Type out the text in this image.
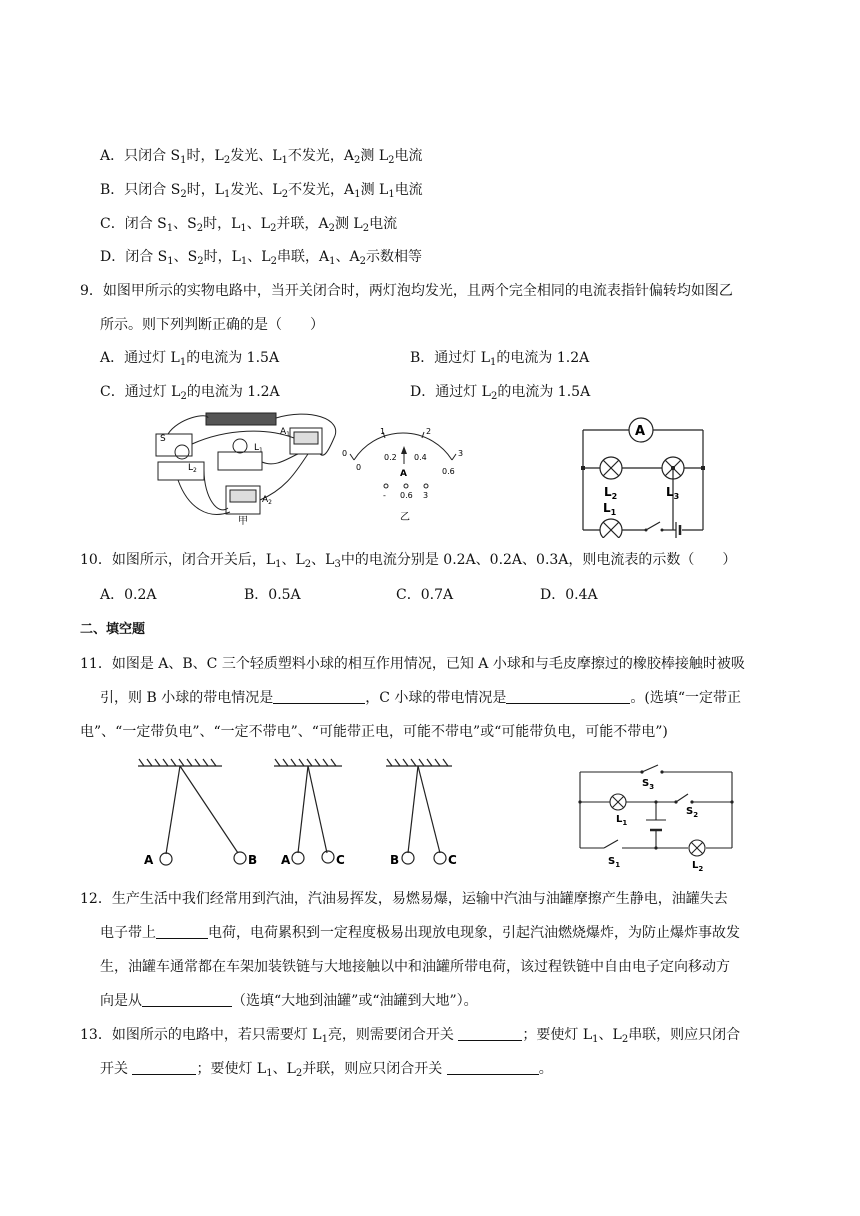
A．只闭合 $S_1$时，$L_2$发光、$L_1$不发光，$A_2$测 $L_2$电流
B．只闭合 $S_2$时，$L_1$发光、$L_2$不发光，$A_1$测 $L_1$电流
C．闭合 $S_1$、$S_2$时，$L_1$、$L_2$并联，$A_2$测 $L_2$电流
D．闭合 $S_1$、$S_2$时，$L_1$、$L_2$串联，$A_1$、$A_2$示数相等
9．如图甲所示的实物电路中，当开关闭合时，两灯泡均发光，且两个完全相同的电流表指针偏转均如图乙
所示。则下列判断正确的是（　　）
A．通过灯 $L_1$的电流为 1.5A	B．通过灯 $L_1$的电流为 1.2A
C．通过灯 $L_2$的电流为 1.2A	D．通过灯 $L_2$的电流为 1.5A
S
$L_2$
$L_1$
$A_1$
$A_2$
甲
0
1	2
3
0
0.2 0.4
0.6
A
- 0.6 3
乙
A
$L_2$	$L_3$
$L_1$
10．如图所示，闭合开关后，$L_1$、$L_2$、$L_3$中的电流分别是 0.2A、0.2A、0.3A，则电流表的示数（　　）
A．0.2A	B．0.5A	C．0.7A	D．0.4A
二、填空题
11．如图是 A、B、C 三个轻质塑料小球的相互作用情况，已知 A 小球和与毛皮摩擦过的橡胶棒接触时被吸
引，则 B 小球的带电情况是	，C 小球的带电情况是	。(选填“一定带正
电”、“一定带负电”、“一定不带电”、“可能带正电，可能不带电”或“可能带负电，可能不带电”)
A	B A	C	B	C
$S_3$
$S_2$
$L_1$
$S_1$	$L_2$
12．生产生活中我们经常用到汽油，汽油易挥发，易燃易爆，运输中汽油与油罐摩擦产生静电，油罐失去
电子带上	电荷，电荷累积到一定程度极易出现放电现象，引起汽油燃烧爆炸，为防止爆炸事故发
生，油罐车通常都在车架加装铁链与大地接触以中和油罐所带电荷，该过程铁链中自由电子定向移动方
向是从	（选填“大地到油罐”或“油罐到大地”）。
13．如图所示的电路中，若只需要灯 $L_1$亮，则需要闭合开关	；要使灯 $L_1$、$L_2$串联，则应只闭合
开关	；要使灯 $L_1$、$L_2$并联，则应只闭合开关	。
